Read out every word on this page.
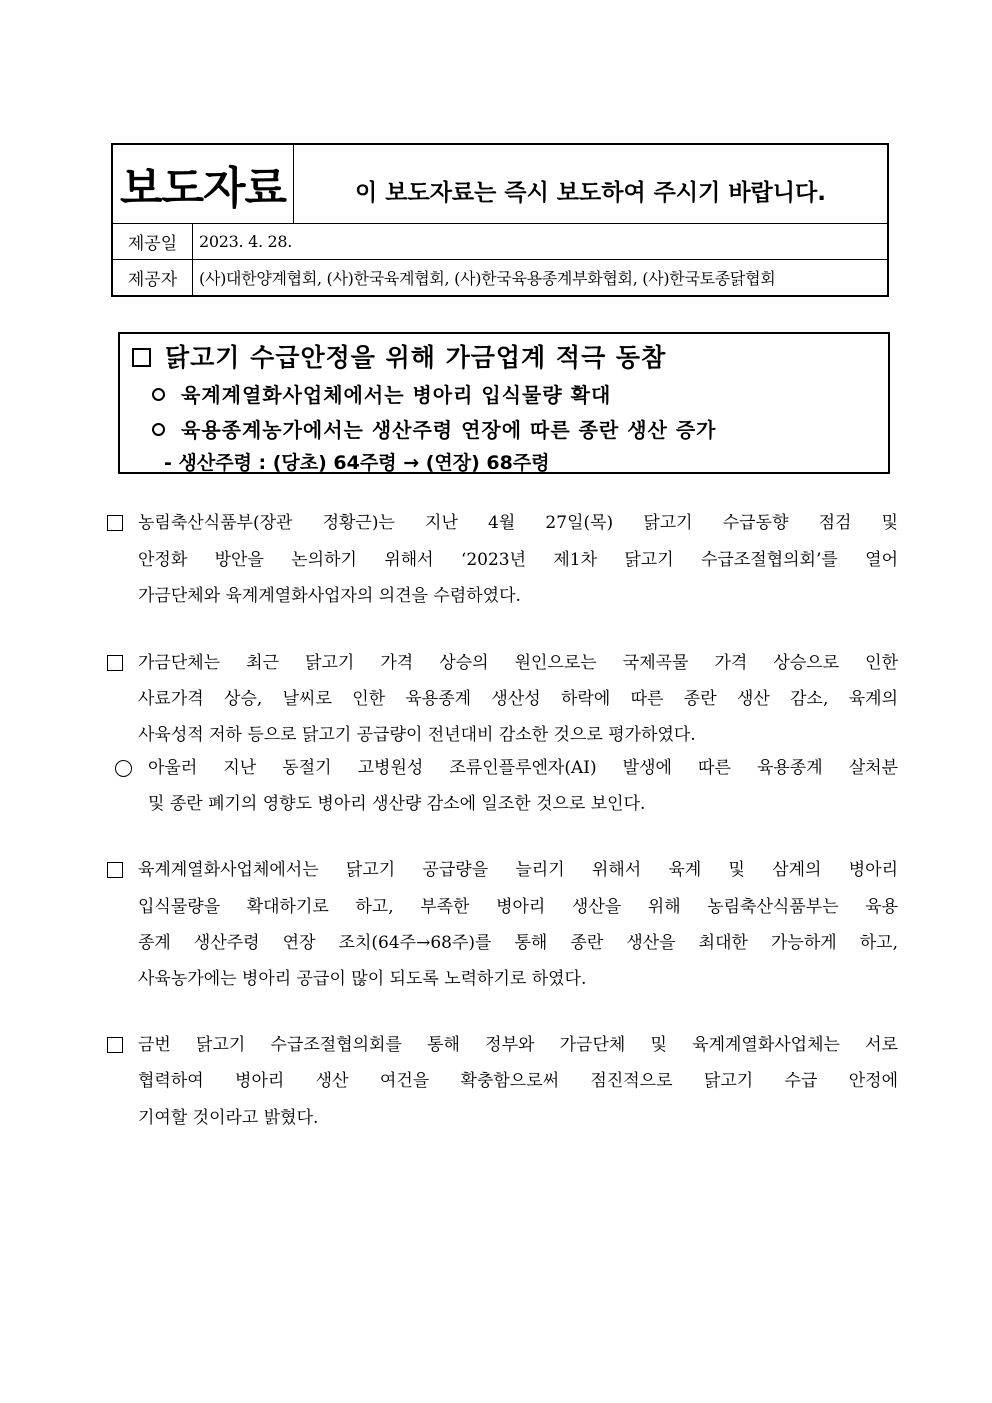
보도자료	이 보도자료는 즉시 보도하여 주시기 바랍니다.
제공일	2023. 4. 28.
제공자	(사)대한양계협회, (사)한국육계협회, (사)한국육용종계부화협회, (사)한국토종닭협회
닭고기 수급안정을 위해 가금업계 적극 동참
육계계열화사업체에서는 병아리 입식물량 확대
육용종계농가에서는 생산주령 연장에 따른 종란 생산 증가
- 생산주령 : (당초) 64주령 → (연장) 68주령
농림축산식품부(장관 정황근)는 지난 4월 27일(목) 닭고기 수급동향 점검 및
안정화 방안을 논의하기 위해서 ‘2023년 제1차 닭고기 수급조절협의회’를 열어
가금단체와 육계계열화사업자의 의견을 수렴하였다.
가금단체는 최근 닭고기 가격 상승의 원인으로는 국제곡물 가격 상승으로 인한
사료가격 상승, 날씨로 인한 육용종계 생산성 하락에 따른 종란 생산 감소, 육계의
사육성적 저하 등으로 닭고기 공급량이 전년대비 감소한 것으로 평가하였다.
아울러 지난 동절기 고병원성 조류인플루엔자(AI) 발생에 따른 육용종계 살처분
및 종란 폐기의 영향도 병아리 생산량 감소에 일조한 것으로 보인다.
육계계열화사업체에서는 닭고기 공급량을 늘리기 위해서 육계 및 삼계의 병아리
입식물량을 확대하기로 하고, 부족한 병아리 생산을 위해 농림축산식품부는 육용
종계 생산주령 연장 조치(64주→68주)를 통해 종란 생산을 최대한 가능하게 하고,
사육농가에는 병아리 공급이 많이 되도록 노력하기로 하였다.
금번 닭고기 수급조절협의회를 통해 정부와 가금단체 및 육계계열화사업체는 서로
협력하여 병아리 생산 여건을 확충함으로써 점진적으로 닭고기 수급 안정에
기여할 것이라고 밝혔다.
